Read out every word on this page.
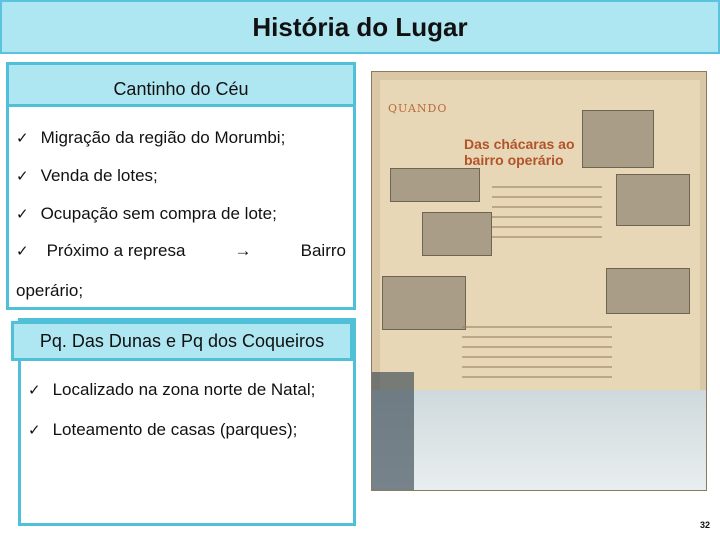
História do Lugar
Cantinho do Céu
✓ Migração da região do Morumbi;
✓ Venda de lotes;
✓ Ocupação sem compra de lote;
✓ Próximo a represa	→	Bairro
operário;
Pq. Das Dunas e Pq dos Coqueiros
✓ Localizado na zona norte de Natal;
✓ Loteamento de casas (parques);
QUANDO
Das chácaras ao bairro operário
32
